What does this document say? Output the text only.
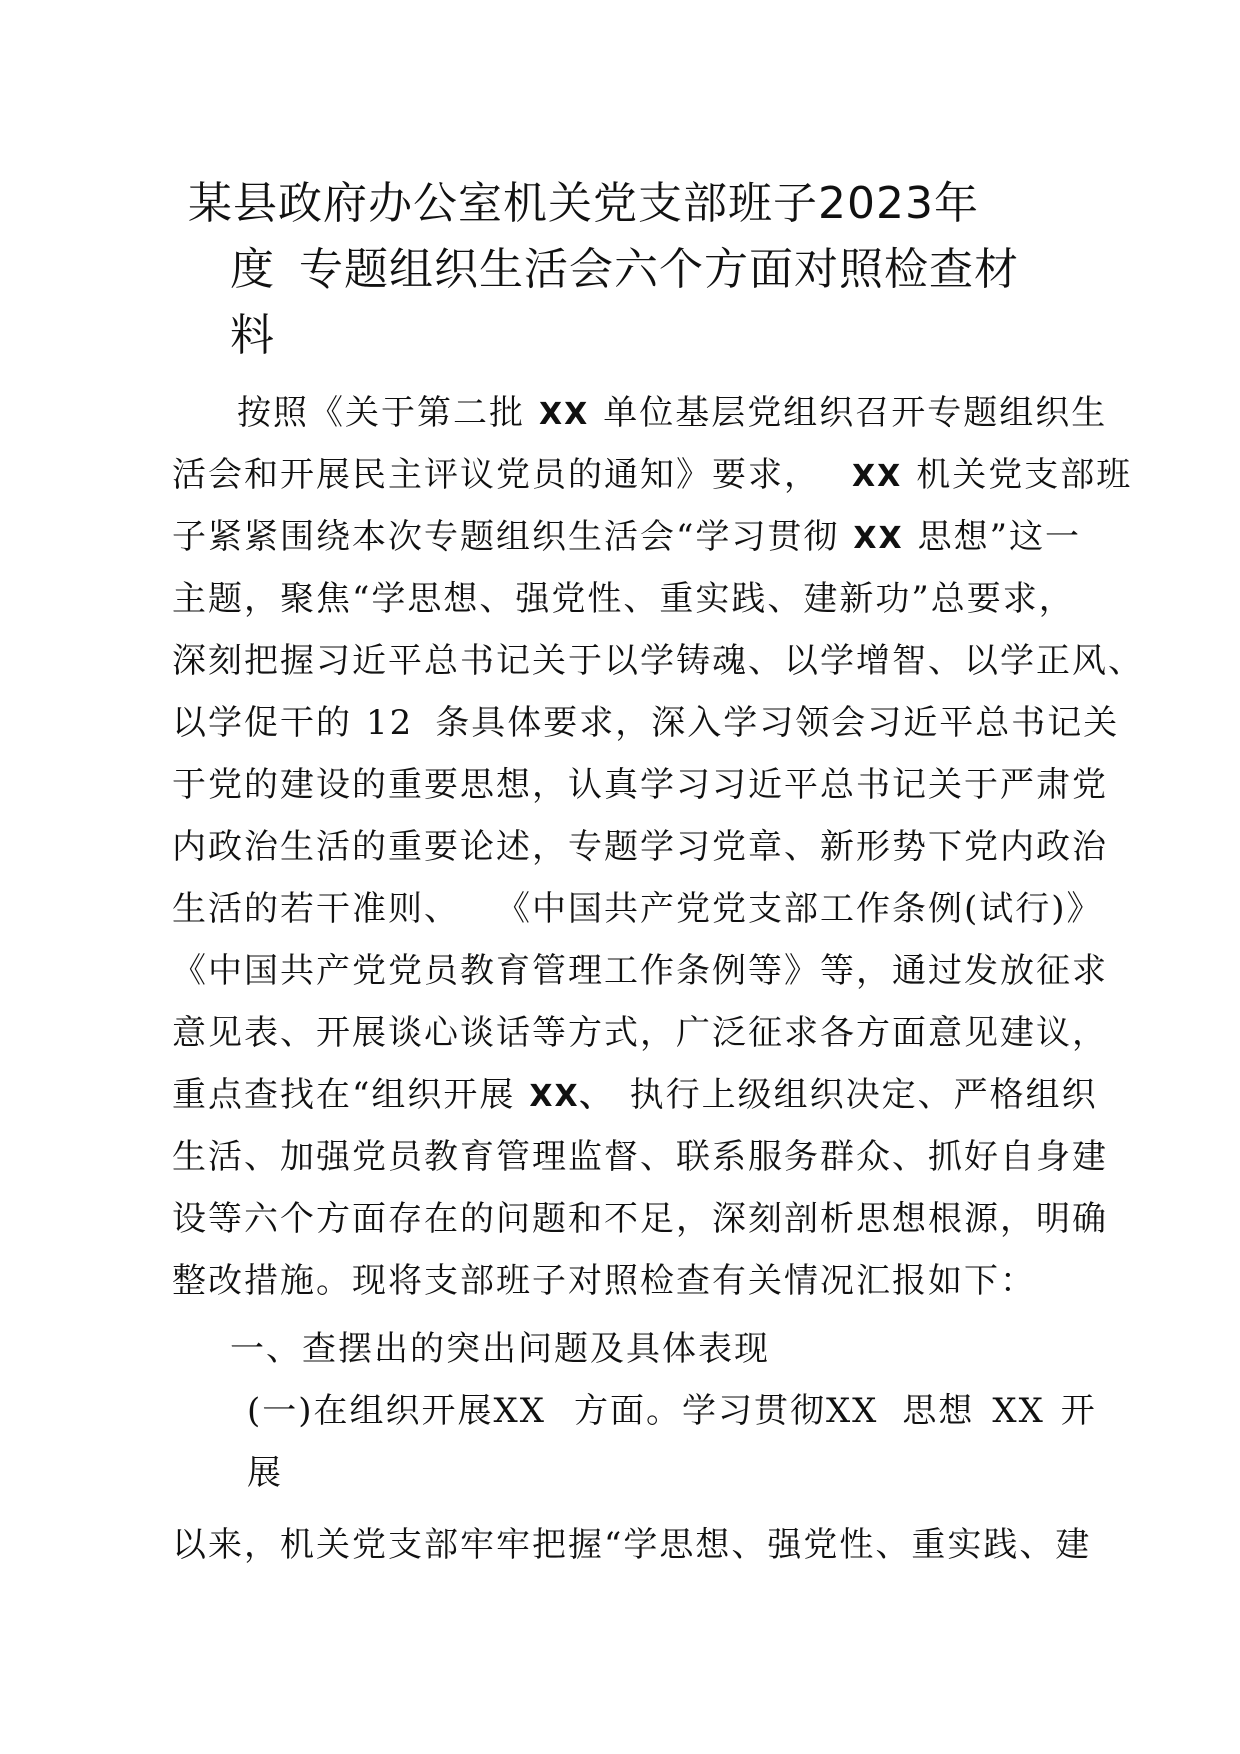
某县政府办公室机关党支部班子2023年
度 专题组织生活会六个方面对照检查材
料
按照《关于第二批 XX 单位基层党组织召开专题组织生
活会和开展民主评议党员的通知》要求， XX 机关党支部班
子紧紧围绕本次专题组织生活会“学习贯彻 XX 思想”这一
主题，聚焦“学思想、强党性、重实践、建新功”总要求，
深刻把握习近平总书记关于以学铸魂、以学增智、以学正风、
以学促干的 12 条具体要求，深入学习领会习近平总书记关
于党的建设的重要思想，认真学习习近平总书记关于严肃党
内政治生活的重要论述，专题学习党章、新形势下党内政治
生活的若干准则、 《中国共产党党支部工作条例(试行)》
《中国共产党党员教育管理工作条例等》等，通过发放征求
意见表、开展谈心谈话等方式，广泛征求各方面意见建议，
重点查找在“组织开展 XX、 执行上级组织决定、严格组织
生活、加强党员教育管理监督、联系服务群众、抓好自身建
设等六个方面存在的问题和不足，深刻剖析思想根源，明确
整改措施。现将支部班子对照检查有关情况汇报如下：
一、查摆出的突出问题及具体表现
(一)在组织开展XX 方面。学习贯彻XX 思想 XX 开
展
以来，机关党支部牢牢把握“学思想、强党性、重实践、建
